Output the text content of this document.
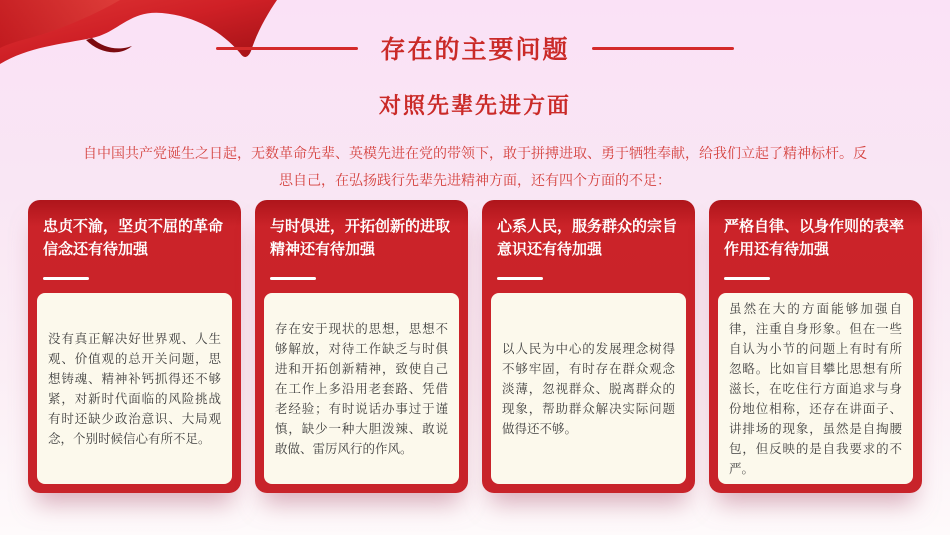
存在的主要问题
对照先辈先进方面

自中国共产党诞生之日起，无数革命先辈、英模先进在党的带领下，敢于拼搏进取、勇于牺牲奉献，给我们立起了精神标杆。反思自己，在弘扬践行先辈先进精神方面，还有四个方面的不足：

忠贞不渝，坚贞不屈的革命信念还有待加强

没有真正解决好世界观、人生观、价值观的总开关问题，思想铸魂、精神补钙抓得还不够紧，对新时代面临的风险挑战有时还缺少政治意识、大局观念，个别时候信心有所不足。

与时俱进，开拓创新的进取精神还有待加强

存在安于现状的思想，思想不够解放，对待工作缺乏与时俱进和开拓创新精神，致使自己在工作上多沿用老套路、凭借老经验；有时说话办事过于谨慎，缺少一种大胆泼辣、敢说敢做、雷厉风行的作风。

心系人民，服务群众的宗旨意识还有待加强

以人民为中心的发展理念树得不够牢固，有时存在群众观念淡薄，忽视群众、脱离群众的现象，帮助群众解决实际问题做得还不够。

严格自律、以身作则的表率作用还有待加强

虽然在大的方面能够加强自律，注重自身形象。但在一些自认为小节的问题上有时有所忽略。比如盲目攀比思想有所滋长，在吃住行方面追求与身份地位相称，还存在讲面子、讲排场的现象，虽然是自掏腰包，但反映的是自我要求的不严。
